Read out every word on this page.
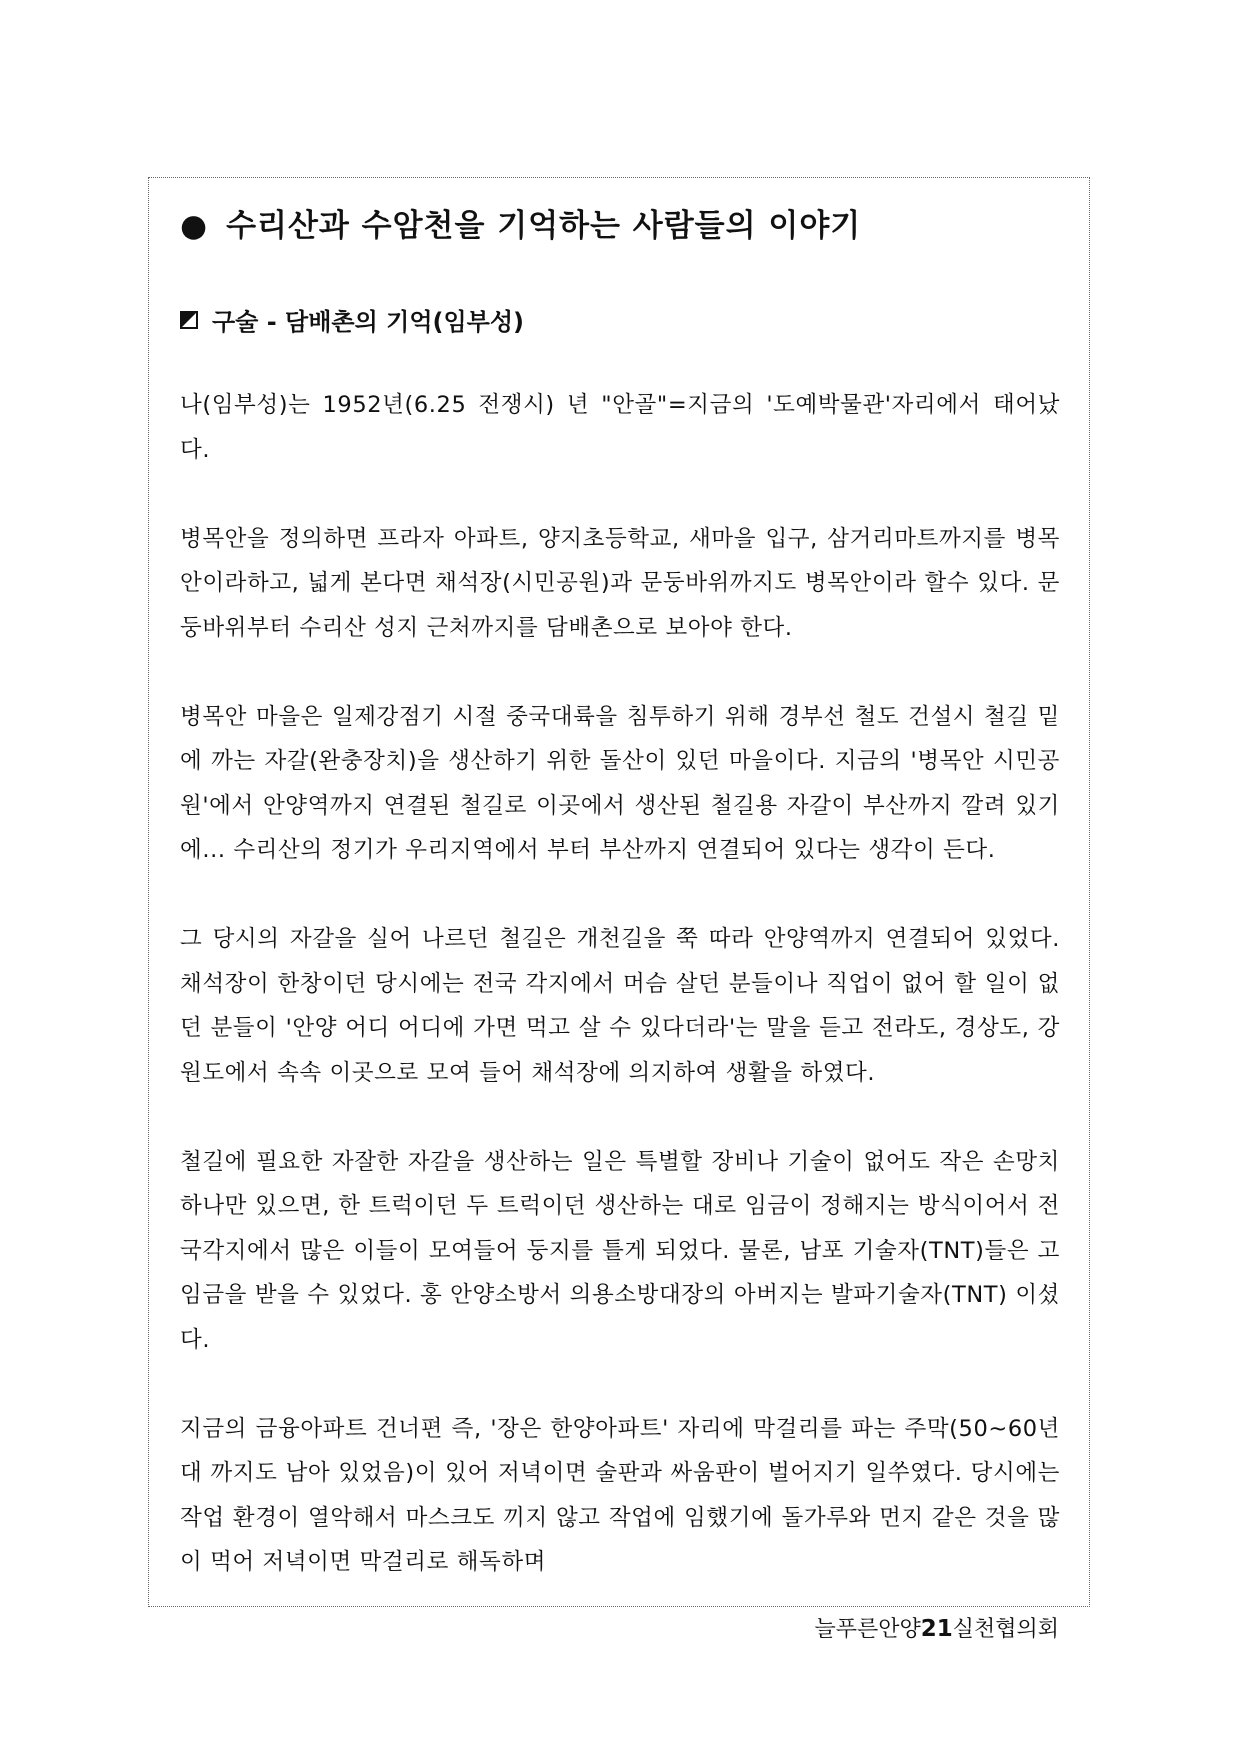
● 수리산과 수암천을 기억하는 사람들의 이야기
구술 - 담배촌의 기억(임부성)

나(임부성)는 1952년(6.25 전쟁시) 년 "안골"=지금의 '도예박물관'자리에서 태어났다.

병목안을 정의하면 프라자 아파트, 양지초등학교, 새마을 입구, 삼거리마트까지를 병목안이라하고, 넓게 본다면 채석장(시민공원)과 문둥바위까지도 병목안이라 할수 있다. 문둥바위부터 수리산 성지 근처까지를 담배촌으로 보아야 한다.

병목안 마을은 일제강점기 시절 중국대륙을 침투하기 위해 경부선 철도 건설시 철길 밑에 까는 자갈(완충장치)을 생산하기 위한 돌산이 있던 마을이다. 지금의 '병목안 시민공원'에서 안양역까지 연결된 철길로 이곳에서 생산된 철길용 자갈이 부산까지 깔려 있기에... 수리산의 정기가 우리지역에서 부터 부산까지 연결되어 있다는 생각이 든다.

그 당시의 자갈을 실어 나르던 철길은 개천길을 쭉 따라 안양역까지 연결되어 있었다. 채석장이 한창이던 당시에는 전국 각지에서 머슴 살던 분들이나 직업이 없어 할 일이 없던 분들이 '안양 어디 어디에 가면 먹고 살 수 있다더라'는 말을 듣고 전라도, 경상도, 강원도에서 속속 이곳으로 모여 들어 채석장에 의지하여 생활을 하였다.

철길에 필요한 자잘한 자갈을 생산하는 일은 특별할 장비나 기술이 없어도 작은 손망치 하나만 있으면, 한 트럭이던 두 트럭이던 생산하는 대로 임금이 정해지는 방식이어서 전국각지에서 많은 이들이 모여들어 둥지를 틀게 되었다. 물론, 남포 기술자(TNT)들은 고임금을 받을 수 있었다. 홍 안양소방서 의용소방대장의 아버지는 발파기술자(TNT) 이셨다.

지금의 금융아파트 건너편 즉, '장은 한양아파트' 자리에 막걸리를 파는 주막(50~60년대 까지도 남아 있었음)이 있어 저녁이면 술판과 싸움판이 벌어지기 일쑤였다. 당시에는 작업 환경이 열악해서 마스크도 끼지 않고 작업에 임했기에 돌가루와 먼지 같은 것을 많이 먹어 저녁이면 막걸리로 해독하며

늘푸른안양21실천협의회
